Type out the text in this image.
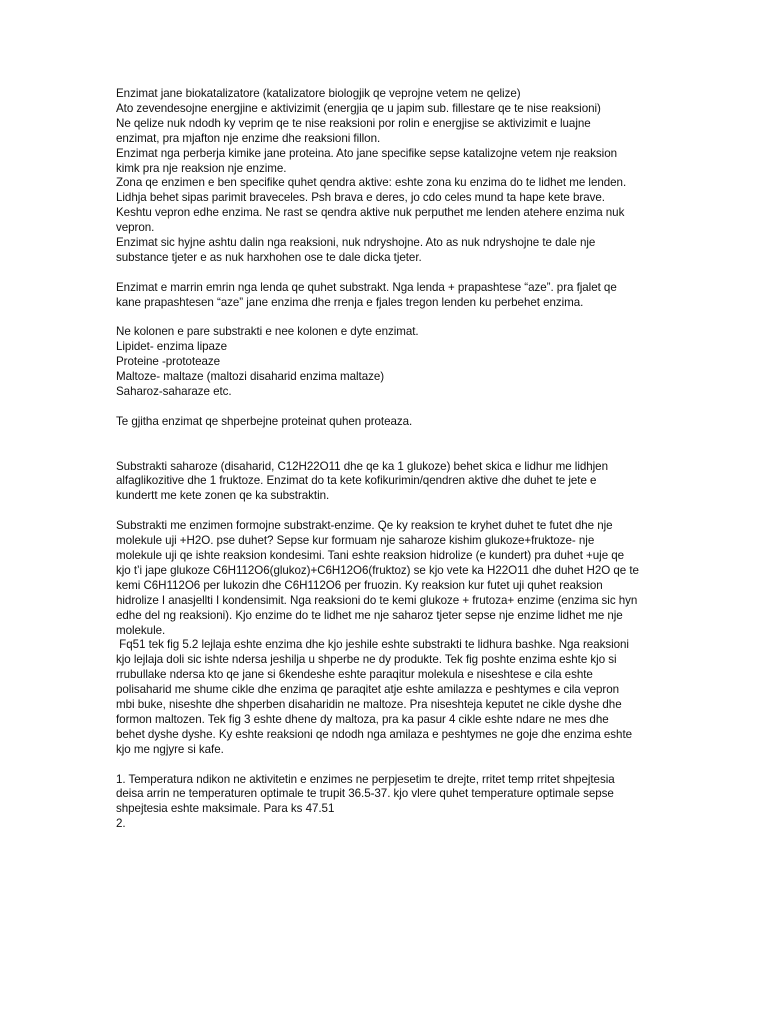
Enzimat jane biokatalizatore (katalizatore biologjik qe veprojne vetem ne qelize)
Ato zevendesojne energjine e aktivizimit (energjia qe u japim sub. fillestare qe te nise reaksioni)
Ne qelize nuk ndodh ky veprim qe te nise reaksioni por rolin e energjise se aktivizimit e luajne
enzimat, pra mjafton nje enzime dhe reaksioni fillon.
Enzimat nga perberja kimike jane proteina. Ato jane specifike sepse katalizojne vetem nje reaksion
kimk pra nje reaksion nje enzime.
Zona qe enzimen e ben specifike quhet qendra aktive: eshte zona ku enzima do te lidhet me lenden.
Lidhja behet sipas parimit braveceles. Psh brava e deres, jo cdo celes mund ta hape kete brave.
Keshtu vepron edhe enzima. Ne rast se qendra aktive nuk perputhet me lenden atehere enzima nuk
vepron.
Enzimat sic hyjne ashtu dalin nga reaksioni, nuk ndryshojne. Ato as nuk ndryshojne te dale nje
substance tjeter e as nuk harxhohen ose te dale dicka tjeter.
Enzimat e marrin emrin nga lenda qe quhet substrakt. Nga lenda + prapashtese “aze”. pra fjalet qe
kane prapashtesen “aze” jane enzima dhe rrenja e fjales tregon lenden ku perbehet enzima.
Ne kolonen e pare substrakti e nee kolonen e dyte enzimat.
Lipidet- enzima lipaze
Proteine -prototeaze
Maltoze- maltaze (maltozi disaharid enzima maltaze)
Saharoz-saharaze etc.
Te gjitha enzimat qe shperbejne proteinat quhen proteaza.
Substrakti saharoze (disaharid, C12H22O11 dhe qe ka 1 glukoze) behet skica e lidhur me lidhjen
alfaglikozitive dhe 1 fruktoze. Enzimat do ta kete kofikurimin/qendren aktive dhe duhet te jete e
kundertt me kete zonen qe ka substraktin.
Substrakti me enzimen formojne substrakt-enzime. Qe ky reaksion te kryhet duhet te futet dhe nje
molekule uji +H2O. pse duhet? Sepse kur formuam nje saharoze kishim glukoze+fruktoze- nje
molekule uji qe ishte reaksion kondesimi. Tani eshte reaksion hidrolize (e kundert) pra duhet +uje qe
kjo t’i jape glukoze C6H112O6(glukoz)+C6H12O6(fruktoz) se kjo vete ka H22O11 dhe duhet H2O qe te
kemi C6H112O6 per lukozin dhe C6H112O6 per fruozin. Ky reaksion kur futet uji quhet reaksion
hidrolize I anasjellti I kondensimit. Nga reaksioni do te kemi glukoze + frutoza+ enzime (enzima sic hyn
edhe del ng reaksioni). Kjo enzime do te lidhet me nje saharoz tjeter sepse nje enzime lidhet me nje
molekule.
Fq51 tek fig 5.2 lejlaja eshte enzima dhe kjo jeshile eshte substrakti te lidhura bashke. Nga reaksioni
kjo lejlaja doli sic ishte ndersa jeshilja u shperbe ne dy produkte. Tek fig poshte enzima eshte kjo si
rrubullake ndersa kto qe jane si 6kendeshe eshte paraqitur molekula e niseshtese e cila eshte
polisaharid me shume cikle dhe enzima qe paraqitet atje eshte amilazza e peshtymes e cila vepron
mbi buke, niseshte dhe shperben disaharidin ne maltoze. Pra niseshteja keputet ne cikle dyshe dhe
formon maltozen. Tek fig 3 eshte dhene dy maltoza, pra ka pasur 4 cikle eshte ndare ne mes dhe
behet dyshe dyshe. Ky eshte reaksioni qe ndodh nga amilaza e peshtymes ne goje dhe enzima eshte
kjo me ngjyre si kafe.
1. Temperatura ndikon ne aktivitetin e enzimes ne perpjesetim te drejte, rritet temp rritet shpejtesia
deisa arrin ne temperaturen optimale te trupit 36.5-37. kjo vlere quhet temperature optimale sepse
shpejtesia eshte maksimale. Para ks 47.51
2.
